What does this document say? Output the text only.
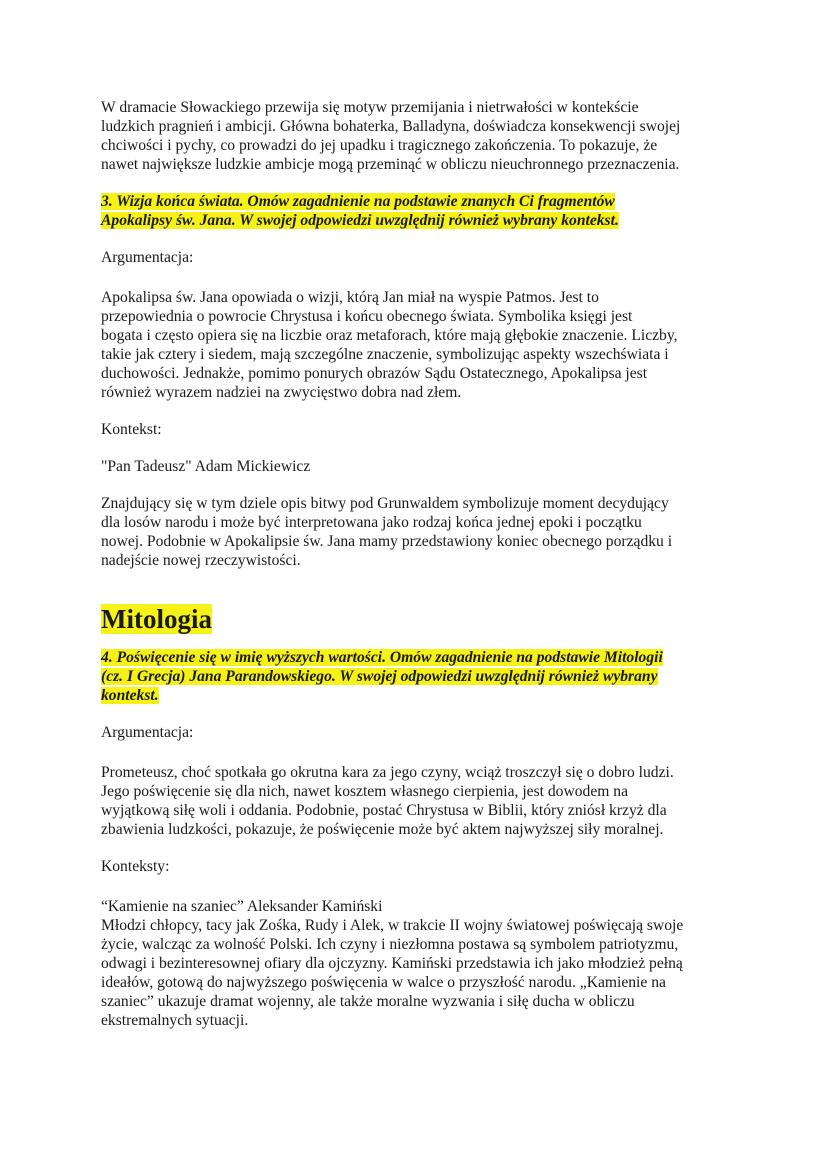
W dramacie Słowackiego przewija się motyw przemijania i nietrwałości w kontekście
ludzkich pragnień i ambicji. Główna bohaterka, Balladyna, doświadcza konsekwencji swojej
chciwości i pychy, co prowadzi do jej upadku i tragicznego zakończenia. To pokazuje, że
nawet największe ludzkie ambicje mogą przeminąć w obliczu nieuchronnego przeznaczenia.

3. Wizja końca świata. Omów zagadnienie na podstawie znanych Ci fragmentów
Apokalipsy św. Jana. W swojej odpowiedzi uwzględnij również wybrany kontekst.

Argumentacja:

Apokalipsa św. Jana opowiada o wizji, którą Jan miał na wyspie Patmos. Jest to
przepowiednia o powrocie Chrystusa i końcu obecnego świata. Symbolika księgi jest
bogata i często opiera się na liczbie oraz metaforach, które mają głębokie znaczenie. Liczby,
takie jak cztery i siedem, mają szczególne znaczenie, symbolizując aspekty wszechświata i
duchowości. Jednakże, pomimo ponurych obrazów Sądu Ostatecznego, Apokalipsa jest
również wyrazem nadziei na zwycięstwo dobra nad złem.

Kontekst:

"Pan Tadeusz" Adam Mickiewicz

Znajdujący się w tym dziele opis bitwy pod Grunwaldem symbolizuje moment decydujący
dla losów narodu i może być interpretowana jako rodzaj końca jednej epoki i początku
nowej. Podobnie w Apokalipsie św. Jana mamy przedstawiony koniec obecnego porządku i
nadejście nowej rzeczywistości.

Mitologia

4. Poświęcenie się w imię wyższych wartości. Omów zagadnienie na podstawie Mitologii
(cz. I Grecja) Jana Parandowskiego. W swojej odpowiedzi uwzględnij również wybrany
kontekst.

Argumentacja:

Prometeusz, choć spotkała go okrutna kara za jego czyny, wciąż troszczył się o dobro ludzi.
Jego poświęcenie się dla nich, nawet kosztem własnego cierpienia, jest dowodem na
wyjątkową siłę woli i oddania. Podobnie, postać Chrystusa w Biblii, który zniósł krzyż dla
zbawienia ludzkości, pokazuje, że poświęcenie może być aktem najwyższej siły moralnej.

Konteksty:

“Kamienie na szaniec” Aleksander Kamiński
Młodzi chłopcy, tacy jak Zośka, Rudy i Alek, w trakcie II wojny światowej poświęcają swoje
życie, walcząc za wolność Polski. Ich czyny i niezłomna postawa są symbolem patriotyzmu,
odwagi i bezinteresownej ofiary dla ojczyzny. Kamiński przedstawia ich jako młodzież pełną
ideałów, gotową do najwyższego poświęcenia w walce o przyszłość narodu. „Kamienie na
szaniec” ukazuje dramat wojenny, ale także moralne wyzwania i siłę ducha w obliczu
ekstremalnych sytuacji.
